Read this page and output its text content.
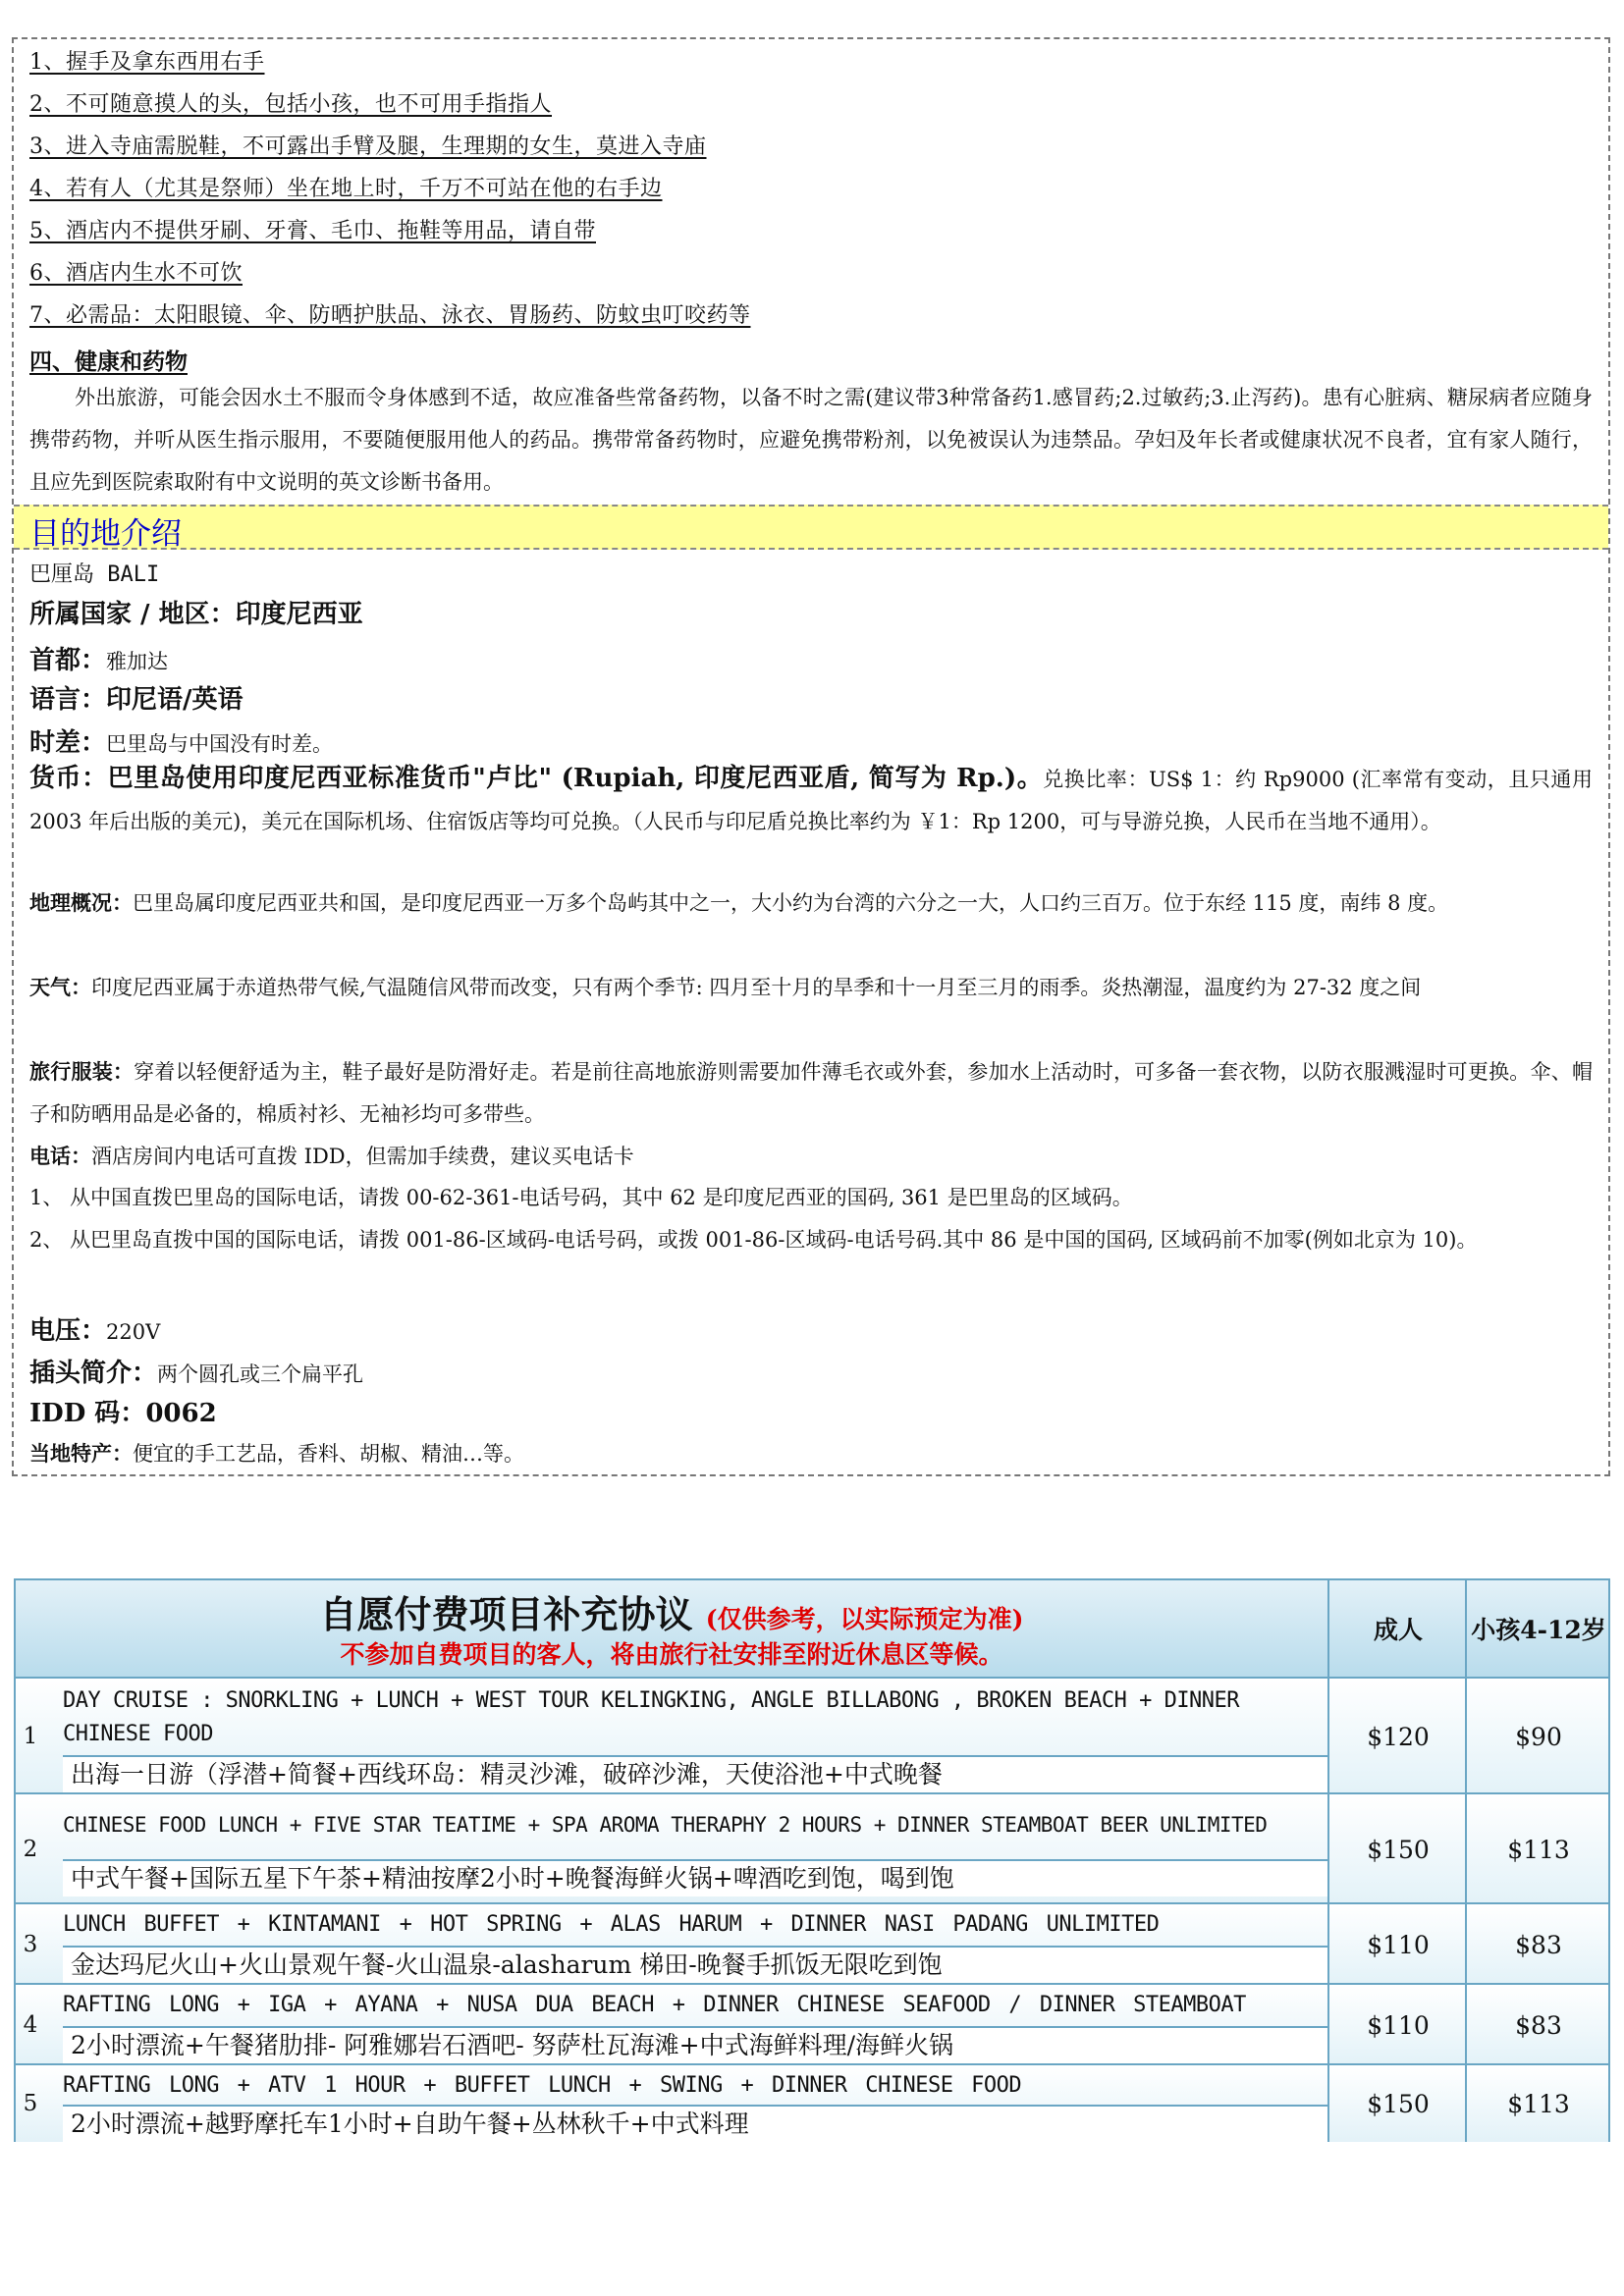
1、握手及拿东西用右手
2、不可随意摸人的头，包括小孩，也不可用手指指人
3、进入寺庙需脱鞋，不可露出手臂及腿，生理期的女生，莫进入寺庙
4、若有人（尤其是祭师）坐在地上时，千万不可站在他的右手边
5、酒店内不提供牙刷、牙膏、毛巾、拖鞋等用品，请自带
6、酒店内生水不可饮
7、必需品：太阳眼镜、伞、防晒护肤品、泳衣、胃肠药、防蚊虫叮咬药等
四、健康和药物
外出旅游，可能会因水土不服而令身体感到不适，故应准备些常备药物，以备不时之需(建议带3种常备药1.感冒药;2.过敏药;3.止泻药)。患有心脏病、糖尿病者应随身携带药物，并听从医生指示服用，不要随便服用他人的药品。携带常备药物时，应避免携带粉剂，以免被误认为违禁品。孕妇及年长者或健康状况不良者，宜有家人随行，且应先到医院索取附有中文说明的英文诊断书备用。
目的地介绍
巴厘岛 BALI
所属国家 / 地区：印度尼西亚
首都：雅加达
语言：印尼语/英语
时差：巴里岛与中国没有时差。
货币：巴里岛使用印度尼西亚标准货币"卢比" (Rupiah, 印度尼西亚盾, 简写为 Rp.)。兑换比率：US$ 1：约 Rp9000 (汇率常有变动，且只通用 2003 年后出版的美元)，美元在国际机场、住宿饭店等均可兑换。（人民币与印尼盾兑换比率约为 ￥1：Rp 1200，可与导游兑换，人民币在当地不通用）。
地理概况：巴里岛属印度尼西亚共和国，是印度尼西亚一万多个岛屿其中之一，大小约为台湾的六分之一大，人口约三百万。位于东经 115 度，南纬 8 度。
天气：印度尼西亚属于赤道热带气候,气温随信风带而改变，只有两个季节: 四月至十月的旱季和十一月至三月的雨季。炎热潮湿，温度约为 27-32 度之间
旅行服装：穿着以轻便舒适为主，鞋子最好是防滑好走。若是前往高地旅游则需要加件薄毛衣或外套，参加水上活动时，可多备一套衣物，以防衣服溅湿时可更换。伞、帽子和防晒用品是必备的，棉质衬衫、无袖衫均可多带些。
电话：酒店房间内电话可直拨 IDD，但需加手续费，建议买电话卡
1、 从中国直拨巴里岛的国际电话，请拨 00-62-361-电话号码，其中 62 是印度尼西亚的国码, 361 是巴里岛的区域码。
2、 从巴里岛直拨中国的国际电话，请拨 001-86-区域码-电话号码，或拨 001-86-区域码-电话号码.其中 86 是中国的国码, 区域码前不加零(例如北京为 10)。
电压：220V
插头简介：两个圆孔或三个扁平孔
IDD 码：0062
当地特产：便宜的手工艺品，香料、胡椒、精油…等。
自愿付费项目补充协议 (仅供参考，以实际预定为准)
不参加自费项目的客人，将由旅行社安排至附近休息区等候。
成人	小孩4-12岁
1
DAY CRUISE : SNORKLING + LUNCH + WEST TOUR KELINGKING, ANGLE BILLABONG , BROKEN BEACH + DINNER CHINESE FOOD
出海一日游（浮潜+简餐+西线环岛：精灵沙滩，破碎沙滩，天使浴池+中式晚餐
$120	$90
2
CHINESE FOOD LUNCH + FIVE STAR TEATIME + SPA AROMA THERAPHY 2 HOURS + DINNER STEAMBOAT BEER UNLIMITED
中式午餐+国际五星下午茶+精油按摩2小时+晚餐海鲜火锅+啤酒吃到饱，喝到饱
$150	$113
3
LUNCH BUFFET + KINTAMANI + HOT SPRING + ALAS HARUM + DINNER NASI PADANG UNLIMITED
金达玛尼火山+火山景观午餐-火山温泉-alasharum 梯田-晚餐手抓饭无限吃到饱
$110	$83
4
RAFTING LONG + IGA + AYANA + NUSA DUA BEACH + DINNER CHINESE SEAFOOD / DINNER STEAMBOAT
2小时漂流+午餐猪肋排- 阿雅娜岩石酒吧- 努萨杜瓦海滩+中式海鲜料理/海鲜火锅
$110	$83
5
RAFTING LONG + ATV 1 HOUR + BUFFET LUNCH + SWING + DINNER CHINESE FOOD
2小时漂流+越野摩托车1小时+自助午餐+丛林秋千+中式料理
$150	$113
